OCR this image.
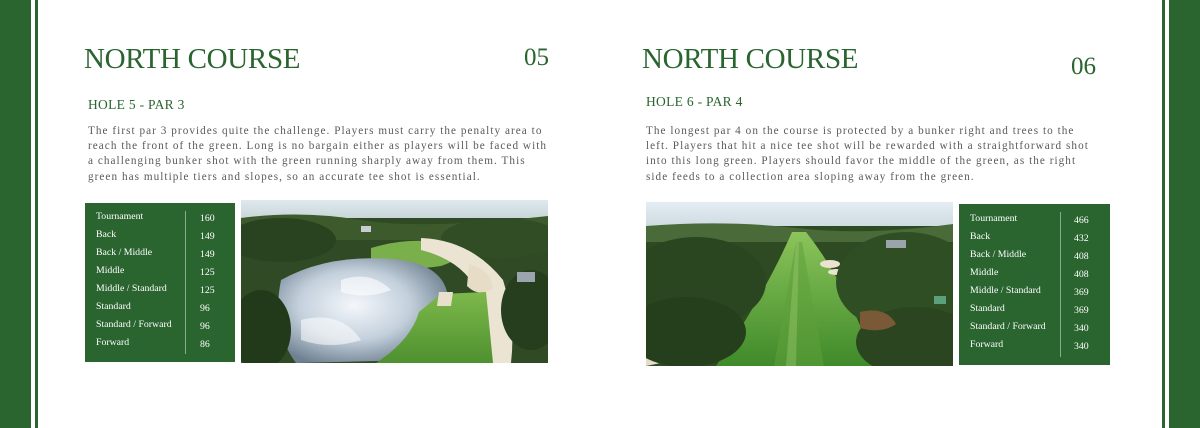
NORTH COURSE	05
HOLE 5 - PAR 3

The first par 3 provides quite the challenge. Players must carry the penalty area to reach the front of the green. Long is no bargain either as players will be faced with a challenging bunker shot with the green running sharply away from them. This green has multiple tiers and slopes, so an accurate tee shot is essential.

Tournament	160
Back	149
Back / Middle	149
Middle	125
Middle / Standard	125
Standard	96
Standard / Forward	96
Forward	86
NORTH COURSE	06
HOLE 6 - PAR 4

The longest par 4 on the course is protected by a bunker right and trees to the left. Players that hit a nice tee shot will be rewarded with a straightforward shot into this long green. Players should favor the middle of the green, as the right side feeds to a collection area sloping away from the green.

Tournament	466
Back	432
Back / Middle	408
Middle	408
Middle / Standard	369
Standard	369
Standard / Forward	340
Forward	340
